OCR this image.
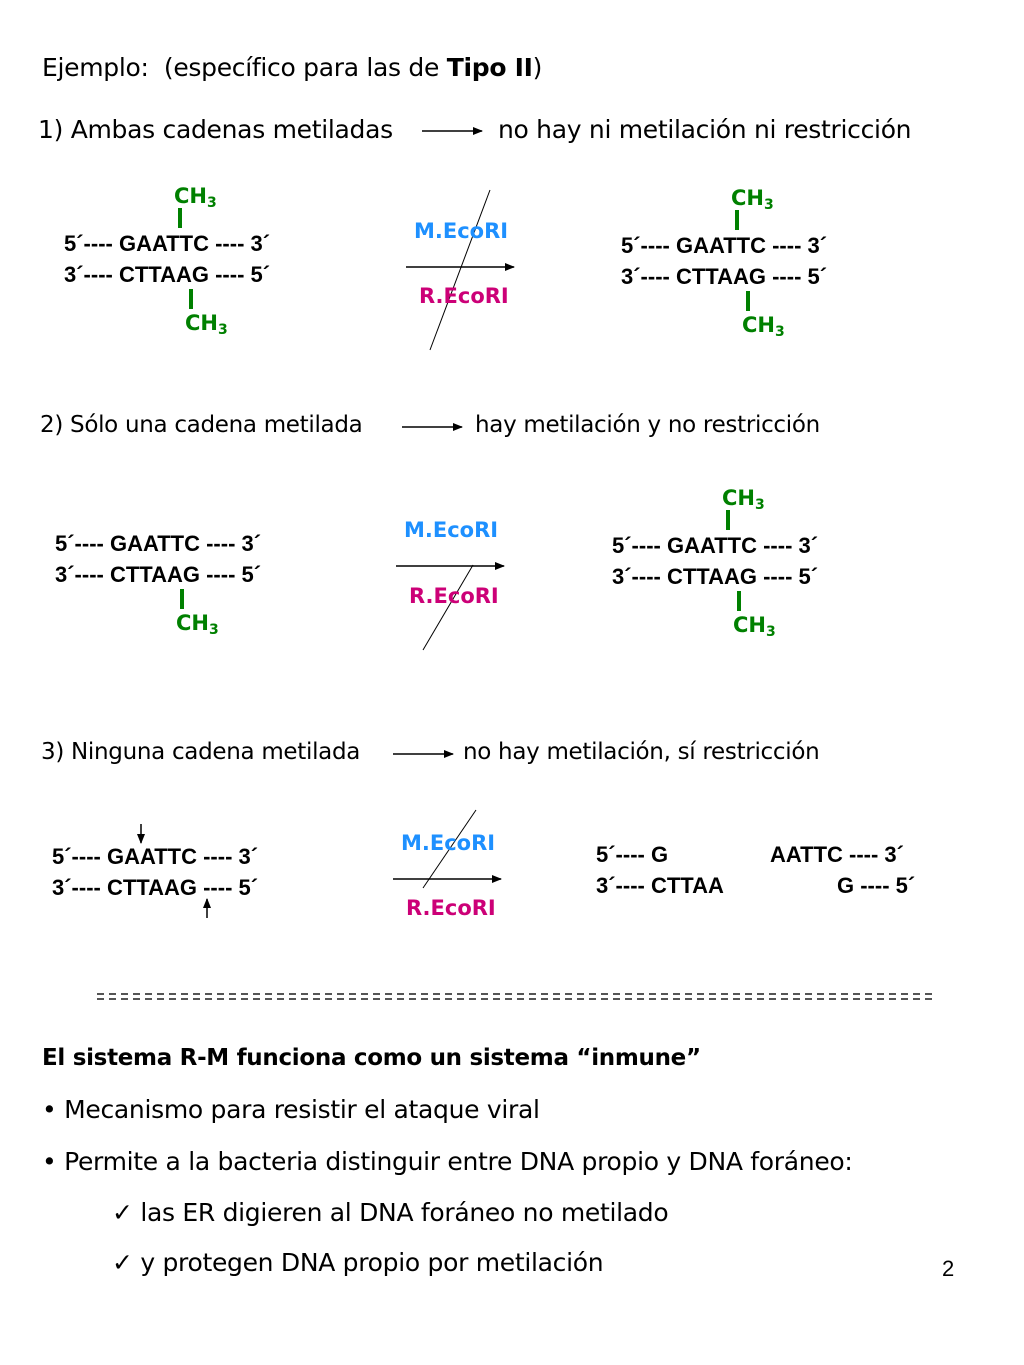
Ejemplo:  (específico para las de Tipo II)
1) Ambas cadenas metiladas	no hay ni metilación ni restricción
$CH_3$
5´---- GAATTC ---- 3´
3´---- CTTAAG ---- 5´
$CH_3$
M.EcoRI
R.EcoRI
$CH_3$
5´---- GAATTC ---- 3´
3´---- CTTAAG ---- 5´
$CH_3$
2) Sólo una cadena metilada	hay metilación y no restricción
5´---- GAATTC ---- 3´
3´---- CTTAAG ---- 5´
$CH_3$
M.EcoRI
R.EcoRI
$CH_3$
5´---- GAATTC ---- 3´
3´---- CTTAAG ---- 5´
$CH_3$
3) Ninguna cadena metilada	no hay metilación, sí restricción
5´---- GAATTC ---- 3´
3´---- CTTAAG ---- 5´
M.EcoRI
R.EcoRI
5´---- G	AATTC ---- 3´
3´---- CTTAA	G ---- 5´
El sistema R-M funciona como un sistema “inmune”
• Mecanismo para resistir el ataque viral
• Permite a la bacteria distinguir entre DNA propio y DNA foráneo:
✓ las ER digieren al DNA foráneo no metilado
✓ y protegen DNA propio por metilación	2
